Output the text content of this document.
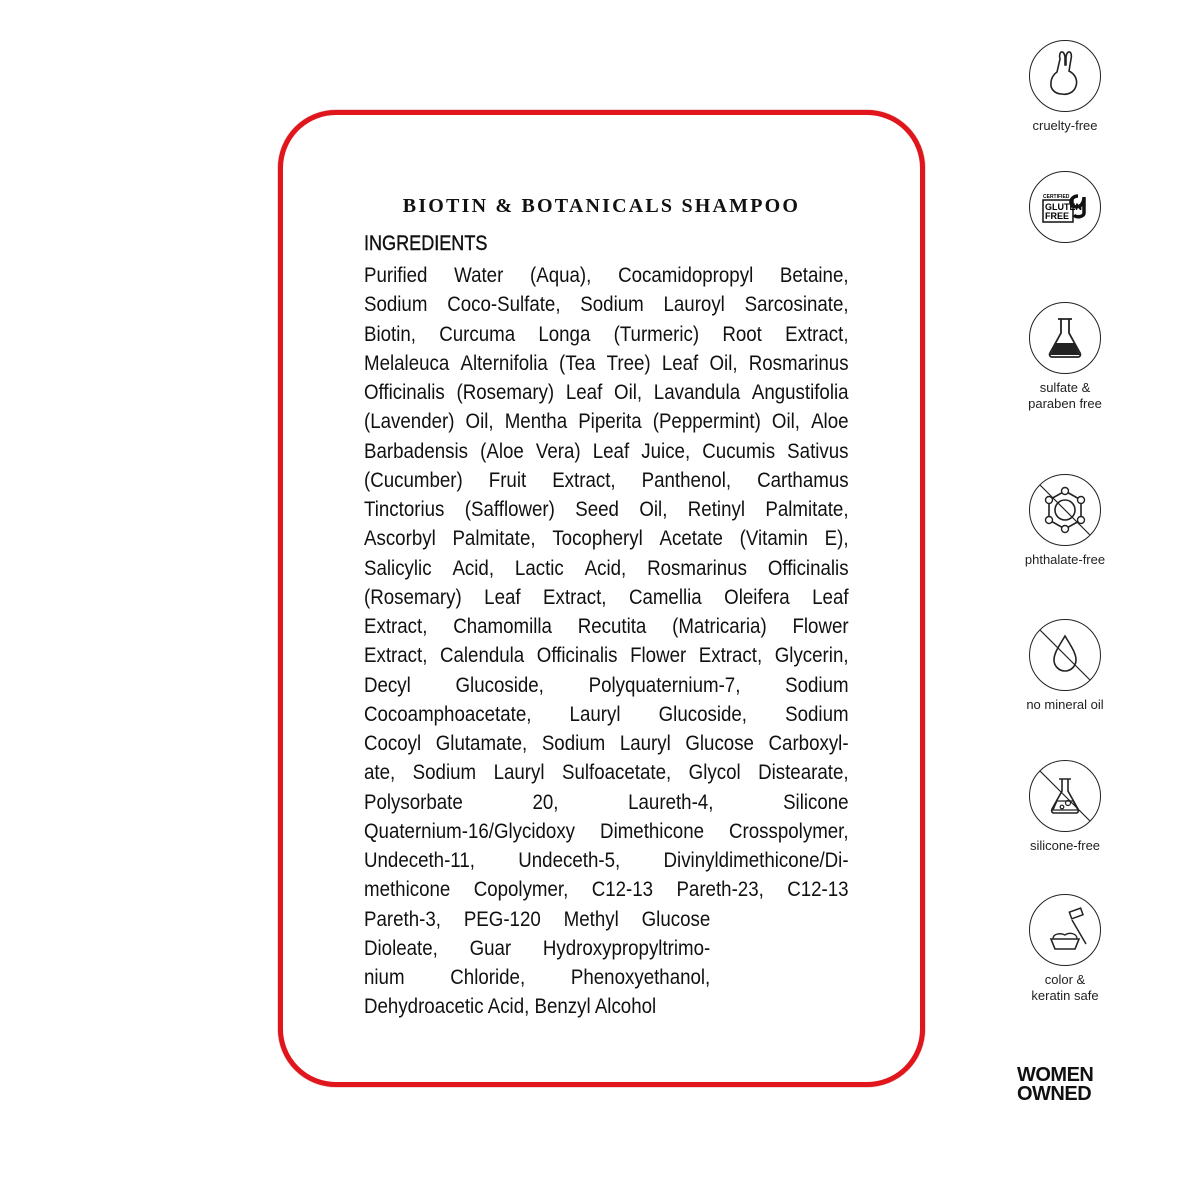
BIOTIN & BOTANICALS SHAMPOO
INGREDIENTS
Purified Water (Aqua), Cocamidopropyl Betaine,
Sodium Coco-Sulfate, Sodium Lauroyl Sarcosinate,
Biotin, Curcuma Longa (Turmeric) Root Extract,
Melaleuca Alternifolia (Tea Tree) Leaf Oil, Rosmarinus
Officinalis (Rosemary) Leaf Oil, Lavandula Angustifolia
(Lavender) Oil, Mentha Piperita (Peppermint) Oil, Aloe
Barbadensis (Aloe Vera) Leaf Juice, Cucumis Sativus
(Cucumber) Fruit Extract, Panthenol, Carthamus
Tinctorius (Safflower) Seed Oil, Retinyl Palmitate,
Ascorbyl Palmitate, Tocopheryl Acetate (Vitamin E),
Salicylic Acid, Lactic Acid, Rosmarinus Officinalis
(Rosemary) Leaf Extract, Camellia Oleifera Leaf
Extract, Chamomilla Recutita (Matricaria) Flower
Extract, Calendula Officinalis Flower Extract, Glycerin,
Decyl Glucoside, Polyquaternium-7, Sodium
Cocoamphoacetate, Lauryl Glucoside, Sodium
Cocoyl Glutamate, Sodium Lauryl Glucose Carboxyl-
ate, Sodium Lauryl Sulfoacetate, Glycol Distearate,
Polysorbate	20,	Laureth-4,	Silicone
Quaternium-16/Glycidoxy Dimethicone Crosspolymer,
Undeceth-11, Undeceth-5, Divinyldimethicone/Di-
methicone Copolymer, C12-13 Pareth-23, C12-13
Pareth-3, PEG-120 Methyl Glucose
Dioleate, Guar Hydroxypropyltrimo-
nium Chloride, Phenoxyethanol,
Dehydroacetic Acid, Benzyl Alcohol
cruelty-free
CERTIFIED
GLUTEN
FREE
sulfate &
paraben free
phthalate-free
no mineral oil
silicone-free
color &
keratin safe
WOMEN
OWNED
